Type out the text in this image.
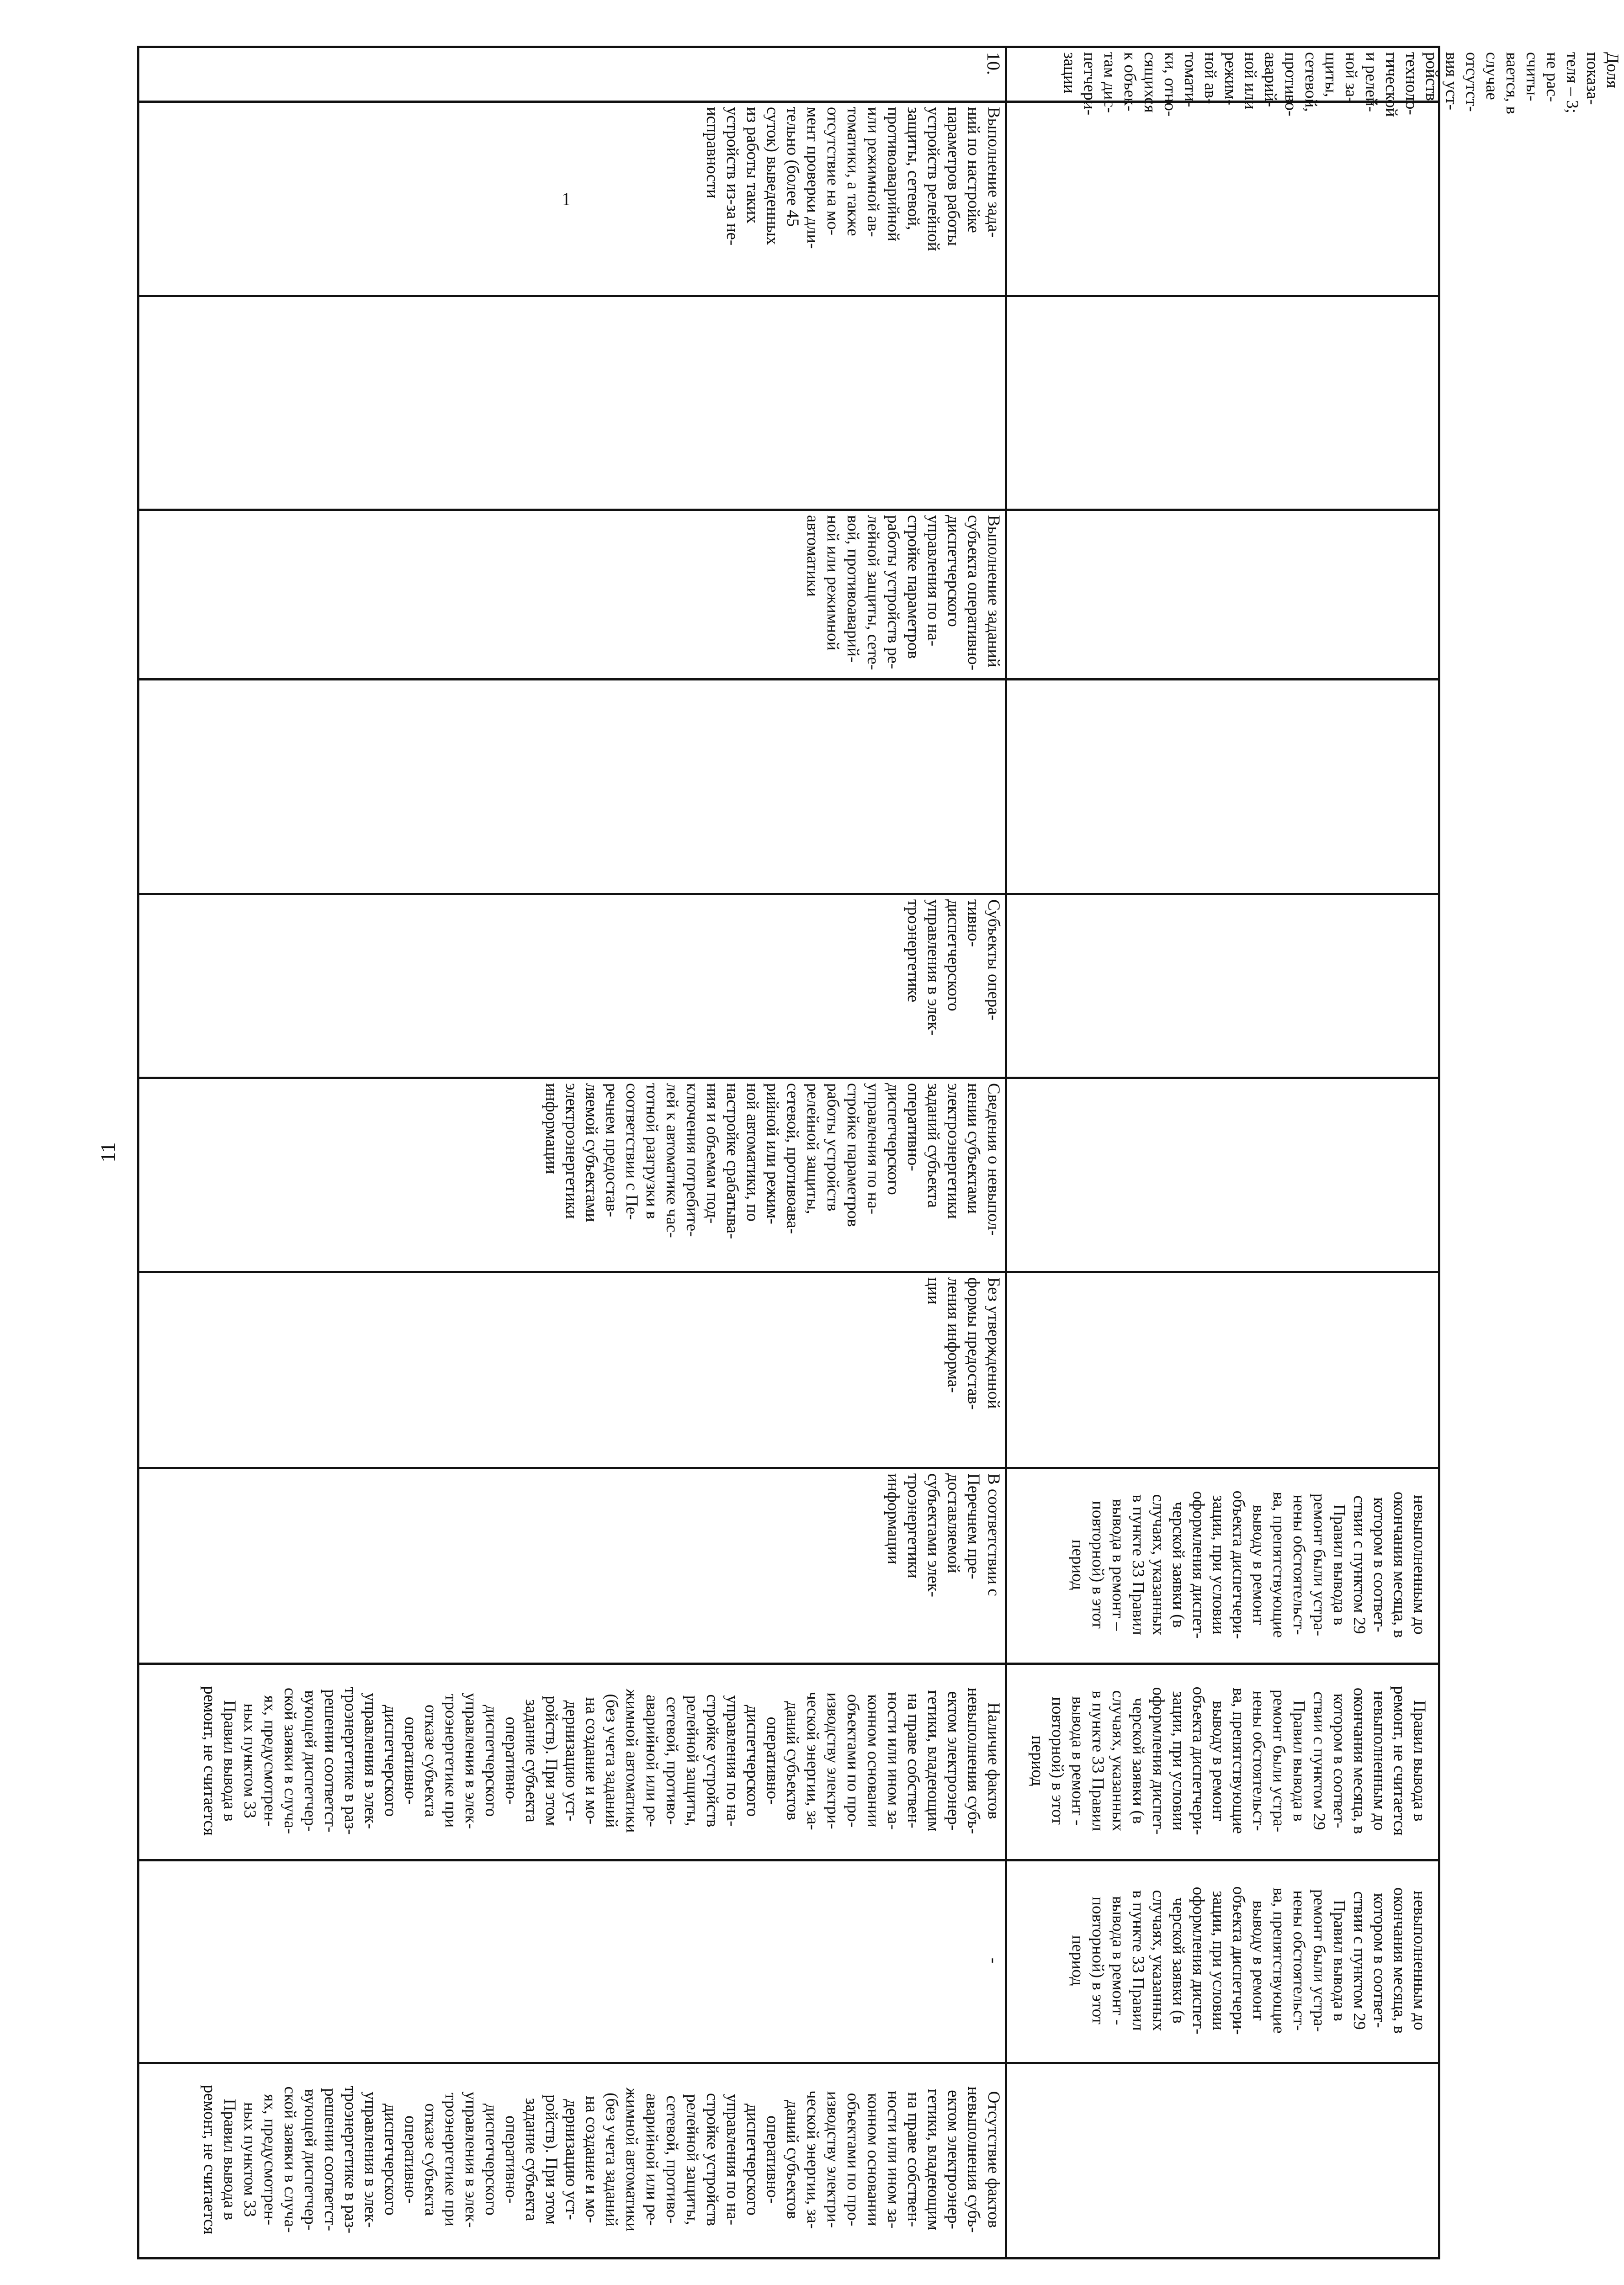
11
невыполненным до
окончания месяца, в
котором в соответ-
ствии с пунктом 29
Правил вывода в
ремонт были устра-
нены обстоятельст-
ва, препятствующие
выводу в ремонт
объекта диспетчери-
зации, при условии
оформления диспет-
черской заявки (в
случаях, указанных
в пункте 33 Правил
вывода в ремонт –
повторной) в этот
период
Правил вывода в
ремонт, не считается
невыполненным до
окончания месяца, в
котором в соответ-
ствии с пунктом 29
Правил вывода в
ремонт были устра-
нены обстоятельст-
ва, препятствующие
выводу в ремонт
объекта диспетчери-
зации, при условии
оформления диспет-
черской заявки (в
случаях, указанных
в пункте 33 Правил
вывода в ремонт -
повторной) в этот
период
невыполненным до
окончания месяца, в
котором в соответ-
ствии с пунктом 29
Правил вывода в
ремонт были устра-
нены обстоятельст-
ва, препятствующие
выводу в ремонт
объекта диспетчери-
зации, при условии
оформления диспет-
черской заявки (в
случаях, указанных
в пункте 33 Правил
вывода в ремонт -
повторной) в этот
период
10.
Выполнение зада-
ний по настройке
параметров работы
устройств релейной
защиты, сетевой,
противоаварийной
или режимной ав-
томатики, а также
отсутствие на мо-
мент проверки дли-
тельно (более 45
суток) выведенных
из работы таких
устройств из-за не-
исправности
Выполнение заданий
субъекта оперативно-
диспетчерского
управления по на-
стройке параметров
работы устройств ре-
лейной защиты, сете-
вой, противоаварий-
ной или режимной
автоматики
Субъекты опера-
тивно-
диспетчерского
управления в элек-
троэнергетике
Сведения о невыпол-
нении субъектами
электроэнергетики
заданий субъекта
оперативно-
диспетчерского
управления по на-
стройке параметров
работы устройств
релейной защиты,
сетевой, противоава-
рийной или режим-
ной автоматики, по
настройке срабатыва-
ния и объемам под-
ключения потребите-
лей к автоматике час-
тотной разгрузки в
соответствии с Пе-
речнем предостав-
ляемой субъектами
электроэнергетики
информации
Без утвержденной
формы предостав-
ления информа-
ции
В соответствии с
Перечнем пре-
доставляемой
субъектами элек-
троэнергетики
информации
Наличие фактов
невыполнения субъ-
ектом электроэнер-
гетики, владеющим
на праве собствен-
ности или ином за-
конном основании
объектами по про-
изводству электри-
ческой энергии, за-
даний субъектов
оперативно-
диспетчерского
управления по на-
стройке устройств
релейной защиты,
сетевой, противо-
аварийной или ре-
жимной автоматики
(без учета заданий
на создание и мо-
дернизацию уст-
ройств). При этом
задание субъекта
оперативно-
диспетчерского
управления в элек-
троэнергетике при
отказе субъекта
оперативно-
диспетчерского
управления в элек-
троэнергетике в раз-
решении соответст-
вующей диспетчер-
ской заявки в случа-
ях, предусмотрен-
ных пунктом 33
Правил вывода в
ремонт, не считается
-
Отсутствие фактов
невыполнения субъ-
ектом электроэнер-
гетики, владеющим
на праве собствен-
ности или ином за-
конном основании
объектами по про-
изводству электри-
ческой энергии, за-
даний субъектов
оперативно-
диспетчерского
управления по на-
стройке устройств
релейной защиты,
сетевой, противо-
аварийной или ре-
жимной автоматики
(без учета заданий
на создание и мо-
дернизацию уст-
ройств). При этом
задание субъекта
оперативно-
диспетчерского
управления в элек-
троэнергетике при
отказе субъекта
оперативно-
диспетчерского
управления в элек-
троэнергетике в раз-
решении соответст-
вующей диспетчер-
ской заявки в случа-
ях, предусмотрен-
ных пунктом 33
Правил вывода в
ремонт, не считается
1
Доля
показа-
теля – 3;
не рас-
считы-
вается, в
случае
отсутст-
вия уст-
ройств
техноло-
гической
и релей-
ной за-
щиты,
сетевой,
противо-
аварий-
ной или
режим-
ной ав-
томати-
ки, отно-
сящихся
к объек-
там дис-
петчери-
зации
